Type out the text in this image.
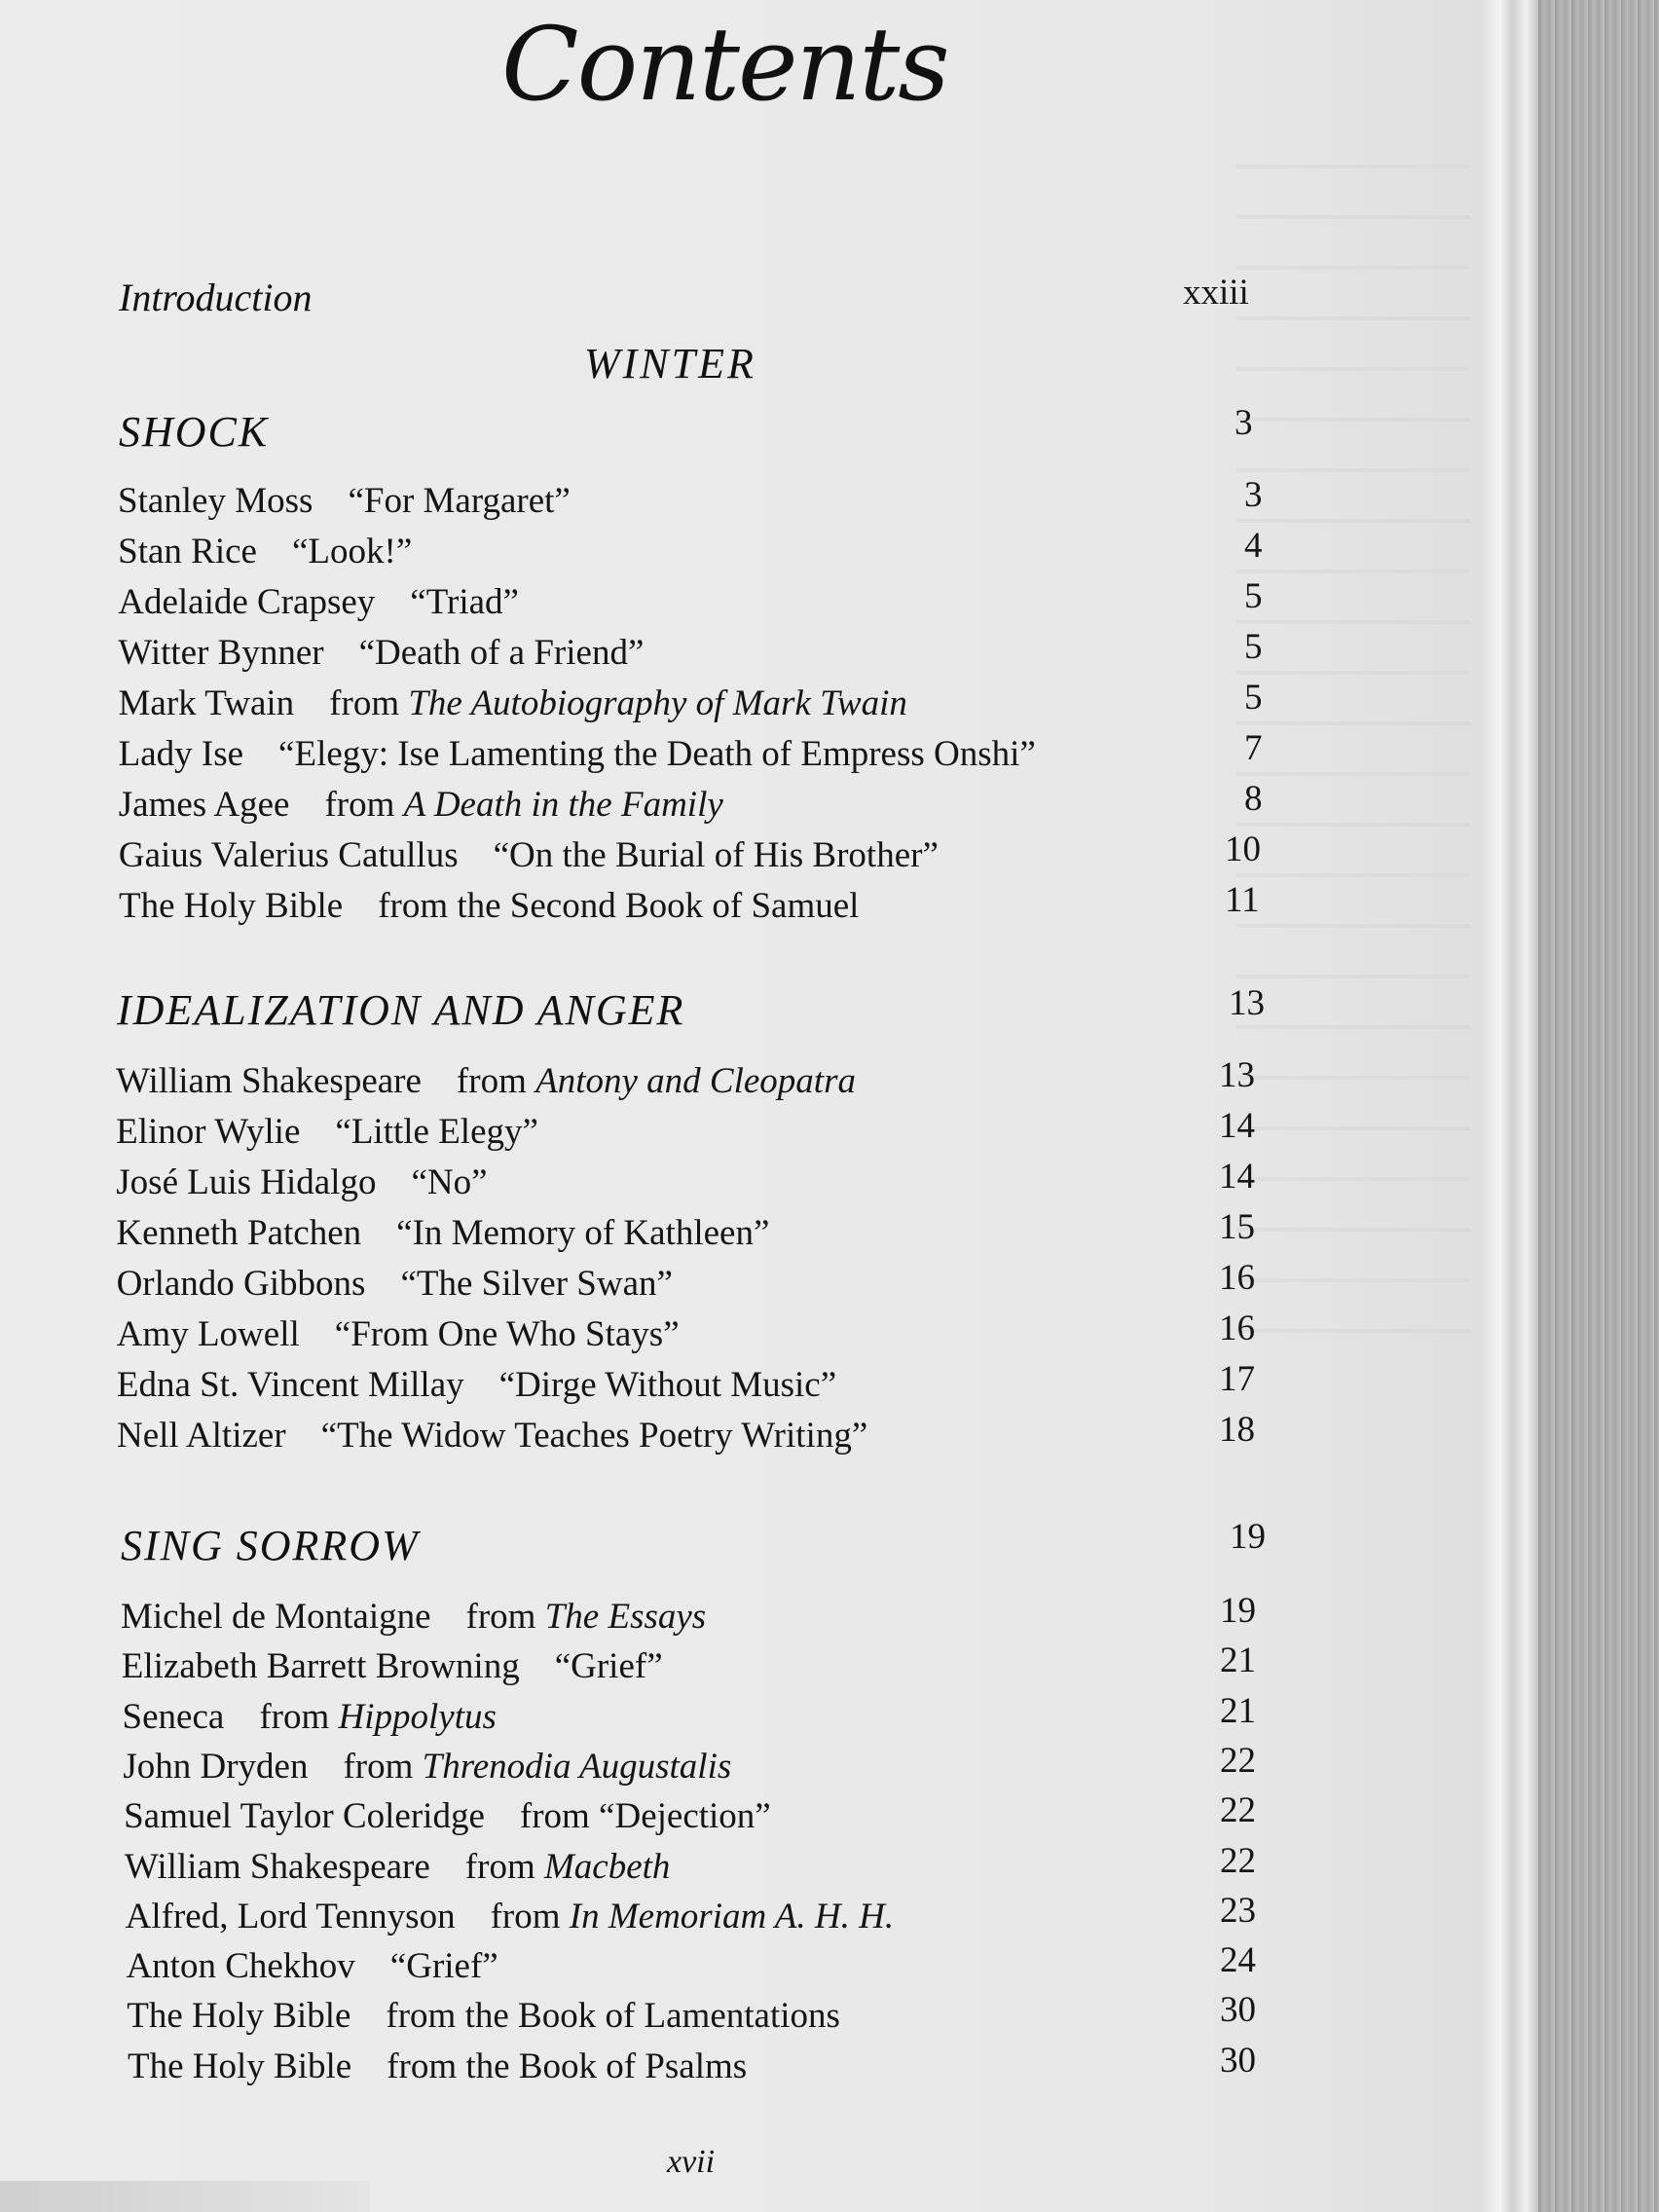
Contents
Introduction	xxiii
WINTER
SHOCK	3
Stanley Moss “For Margaret”	3
Stan Rice “Look!”	4
Adelaide Crapsey “Triad”	5
Witter Bynner “Death of a Friend”	5
Mark Twain from The Autobiography of Mark Twain	5
Lady Ise “Elegy: Ise Lamenting the Death of Empress Onshi”	7
James Agee from A Death in the Family	8
Gaius Valerius Catullus “On the Burial of His Brother”	10
The Holy Bible from the Second Book of Samuel	11
IDEALIZATION AND ANGER	13
William Shakespeare from Antony and Cleopatra	13
Elinor Wylie “Little Elegy”	14
José Luis Hidalgo “No”	14
Kenneth Patchen “In Memory of Kathleen”	15
Orlando Gibbons “The Silver Swan”	16
Amy Lowell “From One Who Stays”	16
Edna St. Vincent Millay “Dirge Without Music”	17
Nell Altizer “The Widow Teaches Poetry Writing”	18
SING SORROW	19
Michel de Montaigne from The Essays	19
Elizabeth Barrett Browning “Grief”	21
Seneca from Hippolytus	21
John Dryden from Threnodia Augustalis	22
Samuel Taylor Coleridge from “Dejection”	22
William Shakespeare from Macbeth	22
Alfred, Lord Tennyson from In Memoriam A. H. H.	23
Anton Chekhov “Grief”	24
The Holy Bible from the Book of Lamentations	30
The Holy Bible from the Book of Psalms	30
xvii
